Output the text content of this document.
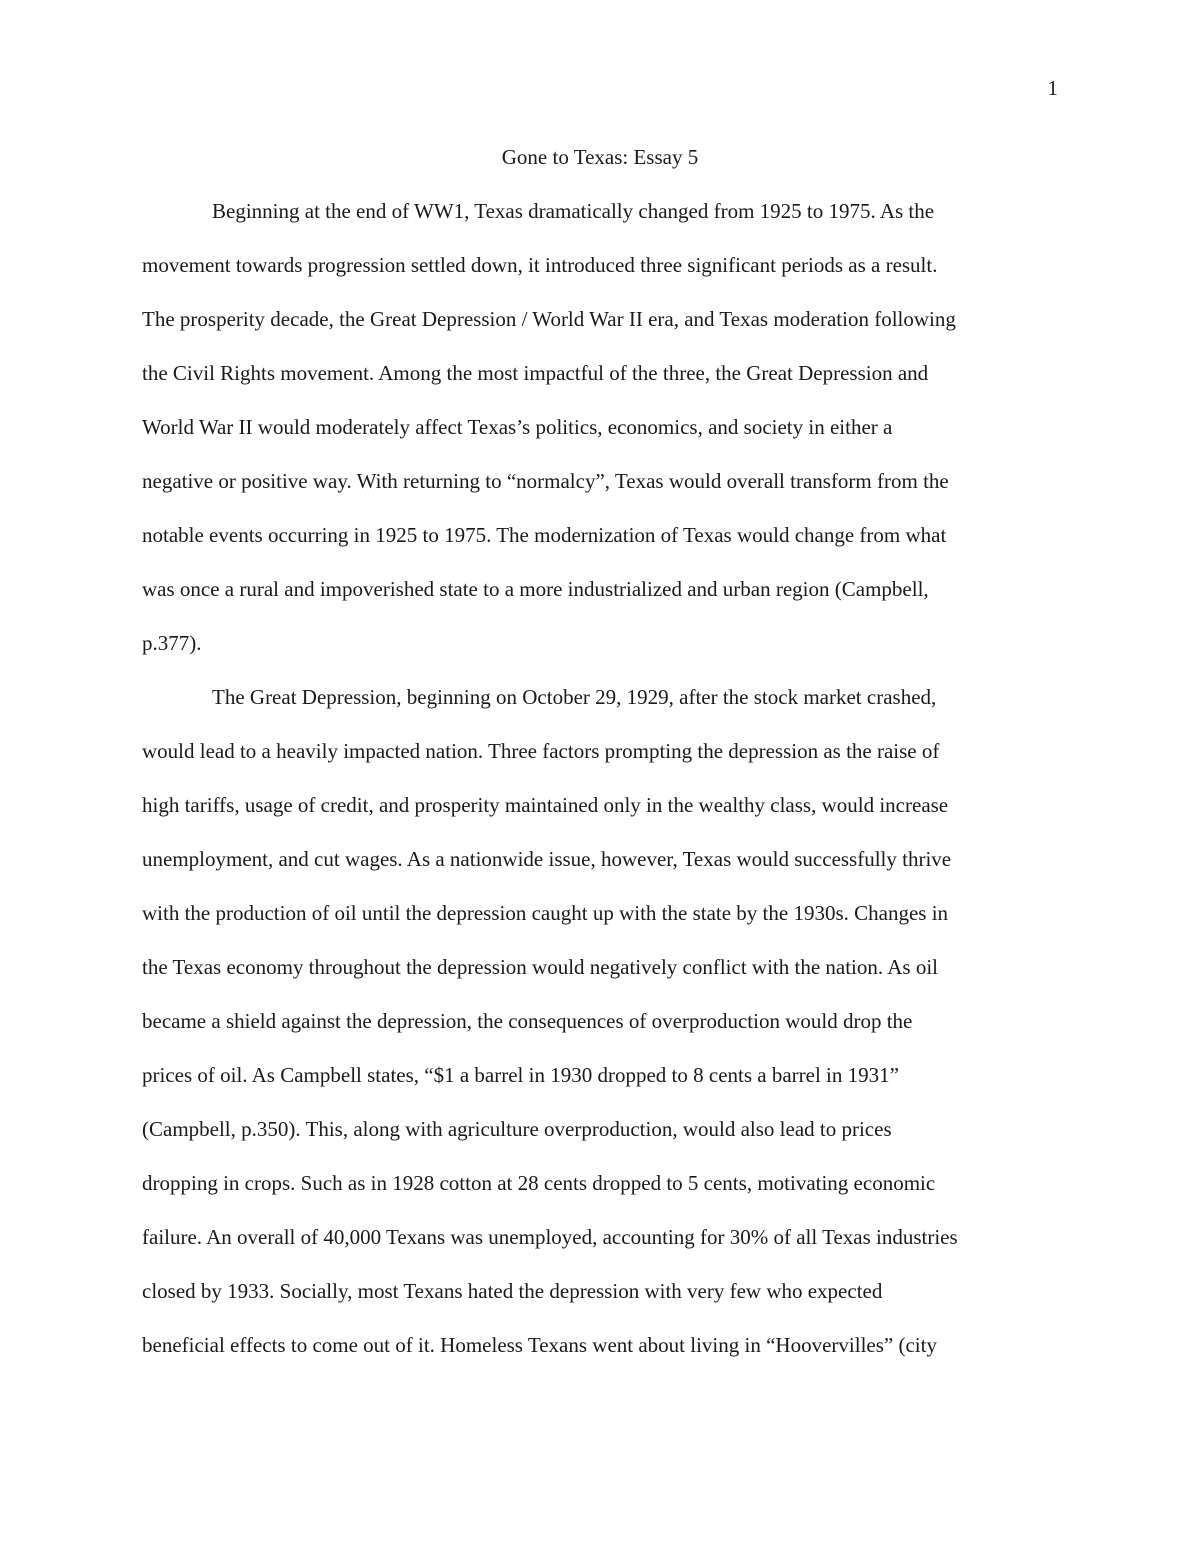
1
Gone to Texas: Essay 5
Beginning at the end of WW1, Texas dramatically changed from 1925 to 1975. As the
movement towards progression settled down, it introduced three significant periods as a result.
The prosperity decade, the Great Depression / World War II era, and Texas moderation following
the Civil Rights movement. Among the most impactful of the three, the Great Depression and
World War II would moderately affect Texas’s politics, economics, and society in either a
negative or positive way. With returning to “normalcy”, Texas would overall transform from the
notable events occurring in 1925 to 1975. The modernization of Texas would change from what
was once a rural and impoverished state to a more industrialized and urban region (Campbell,
p.377).
The Great Depression, beginning on October 29, 1929, after the stock market crashed,
would lead to a heavily impacted nation. Three factors prompting the depression as the raise of
high tariffs, usage of credit, and prosperity maintained only in the wealthy class, would increase
unemployment, and cut wages. As a nationwide issue, however, Texas would successfully thrive
with the production of oil until the depression caught up with the state by the 1930s. Changes in
the Texas economy throughout the depression would negatively conflict with the nation. As oil
became a shield against the depression, the consequences of overproduction would drop the
prices of oil. As Campbell states, “$1 a barrel in 1930 dropped to 8 cents a barrel in 1931”
(Campbell, p.350). This, along with agriculture overproduction, would also lead to prices
dropping in crops. Such as in 1928 cotton at 28 cents dropped to 5 cents, motivating economic
failure. An overall of 40,000 Texans was unemployed, accounting for 30% of all Texas industries
closed by 1933. Socially, most Texans hated the depression with very few who expected
beneficial effects to come out of it. Homeless Texans went about living in “Hoovervilles” (city
